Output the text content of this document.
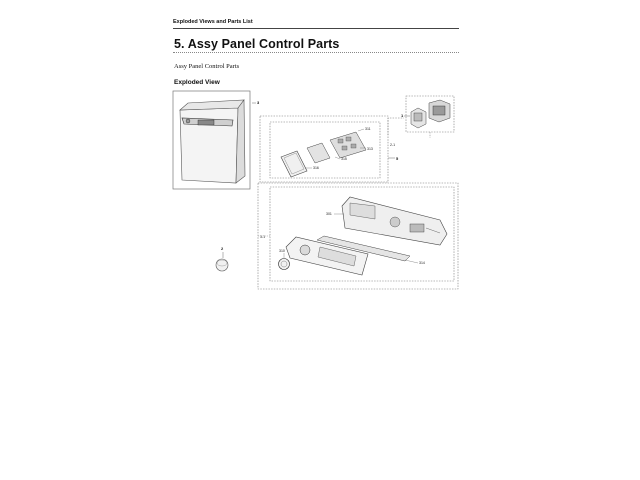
Exploded Views and Parts List
5. Assy Panel Control Parts
Assy Panel Control Parts
Exploded View
3
2
1
311
313
315
316
5
2-1
301
310
314
3-1
